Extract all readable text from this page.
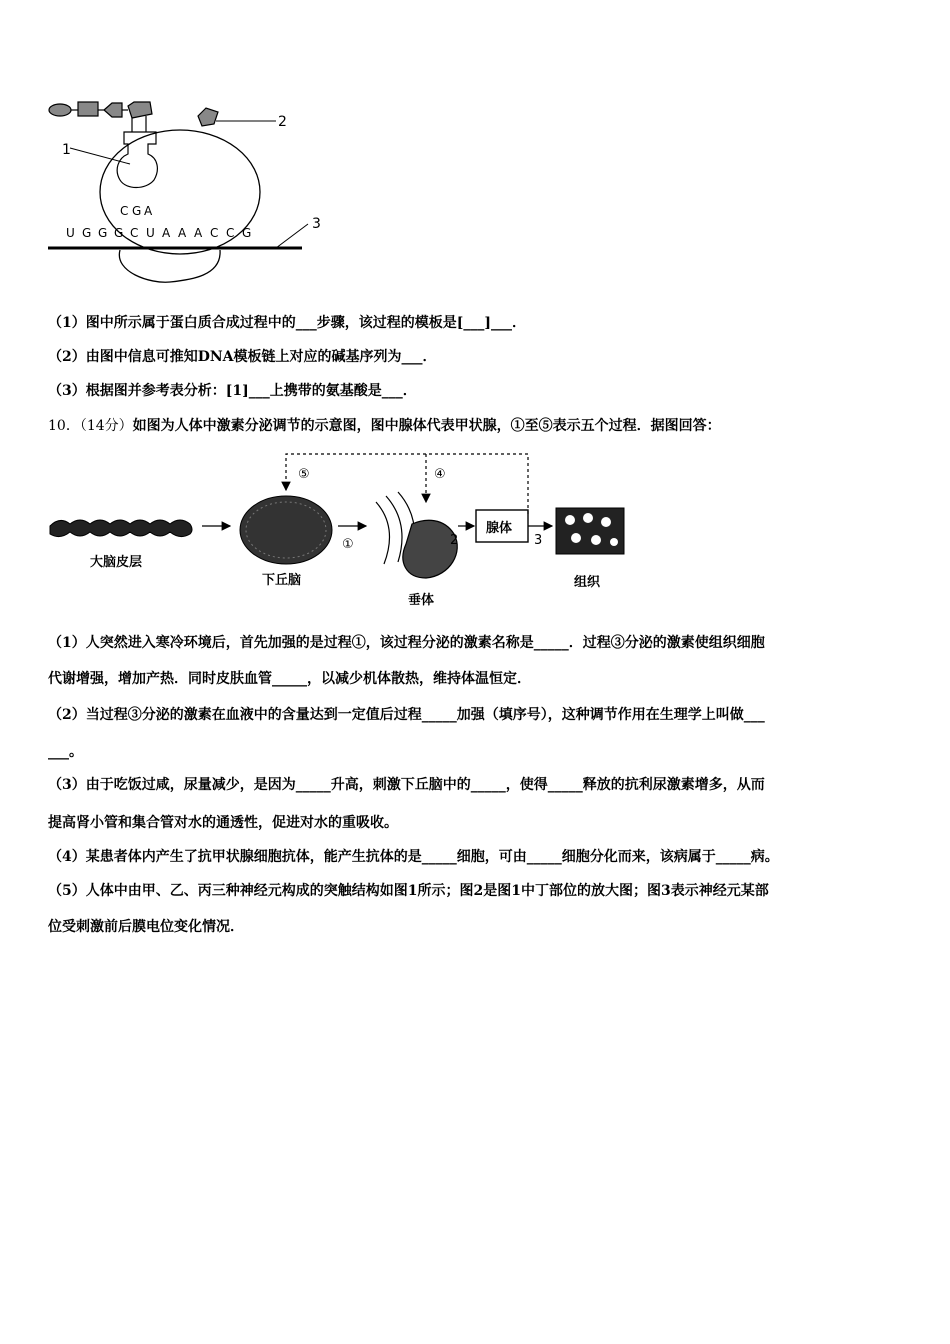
2
1
C G A
U G G G C U A A A C C G
3
（1）图中所示属于蛋白质合成过程中的___步骤，该过程的模板是[___]___．
（2）由图中信息可推知DNA模板链上对应的碱基序列为___．
（3）根据图并参考表分析：[1]___上携带的氨基酸是___．
10．（14分）如图为人体中激素分泌调节的示意图，图中腺体代表甲状腺，①至⑤表示五个过程．据图回答：
大脑皮层
下丘脑
①
垂体
2
腺体
3
组织
⑤	④
（1）人突然进入寒冷环境后，首先加强的是过程①，该过程分泌的激素名称是_____．过程③分泌的激素使组织细胞
代谢增强，增加产热．同时皮肤血管_____，以减少机体散热，维持体温恒定．
（2）当过程③分泌的激素在血液中的含量达到一定值后过程_____加强（填序号），这种调节作用在生理学上叫做___
___。
（3）由于吃饭过咸，尿量减少，是因为_____升高，刺激下丘脑中的_____，使得_____释放的抗利尿激素增多，从而
提高肾小管和集合管对水的通透性，促进对水的重吸收。
（4）某患者体内产生了抗甲状腺细胞抗体，能产生抗体的是_____细胞，可由_____细胞分化而来，该病属于_____病。
（5）人体中由甲、乙、丙三种神经元构成的突触结构如图1所示；图2是图1中丁部位的放大图；图3表示神经元某部
位受刺激前后膜电位变化情况．
